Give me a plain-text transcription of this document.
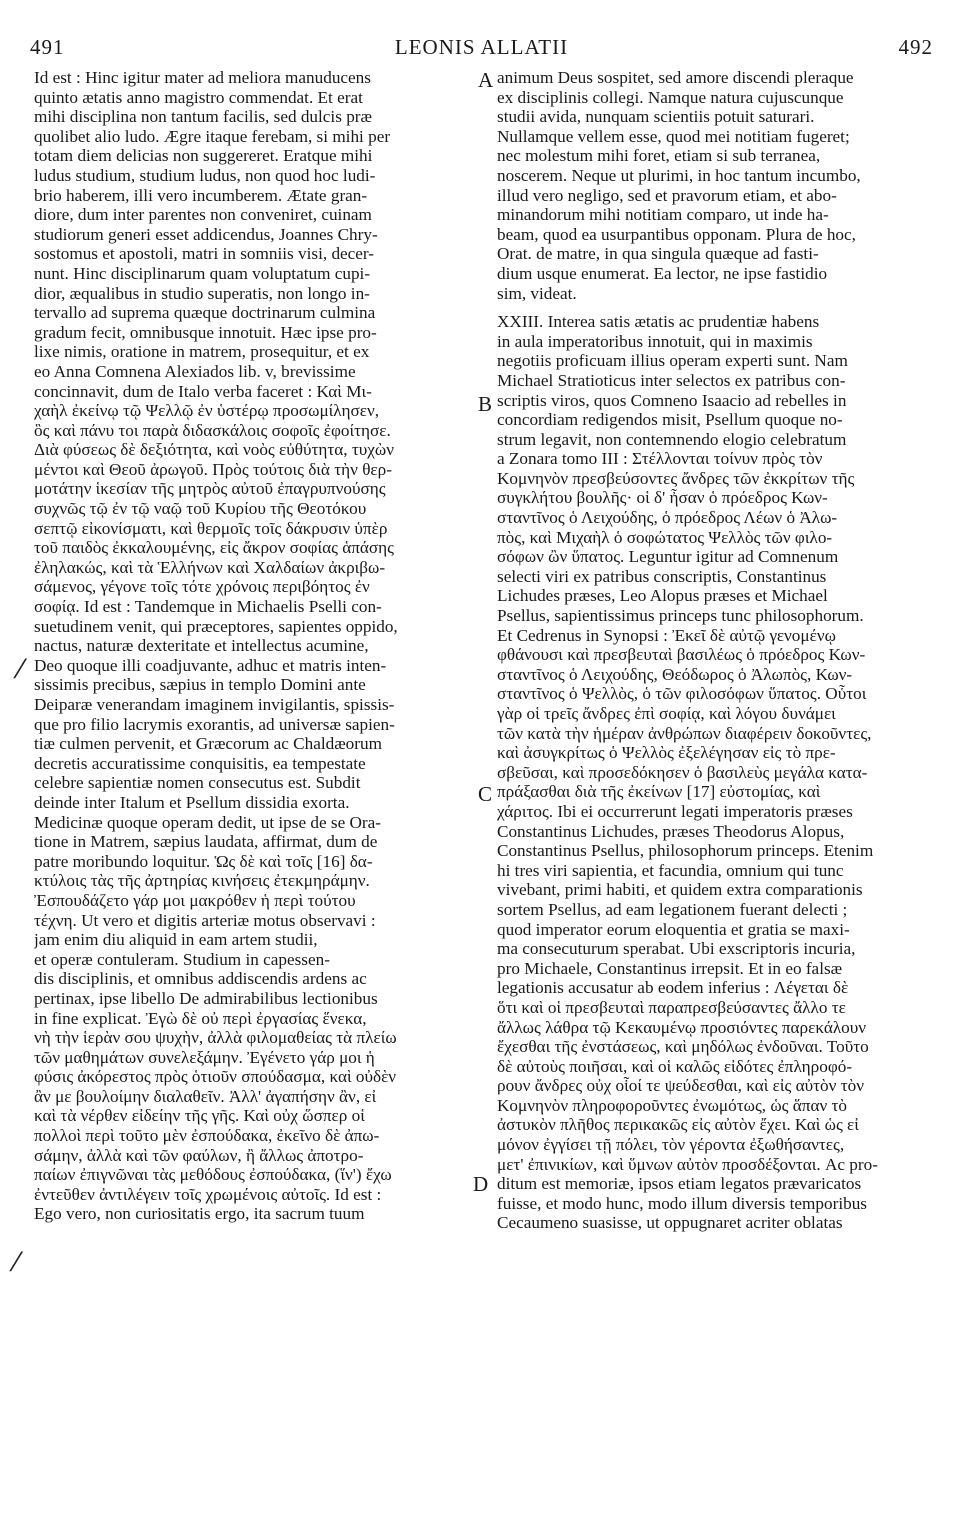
491	LEONIS ALLATII	492
Id est : Hinc igitur mater ad meliora manuducens
quinto ætatis anno magistro commendat. Et erat
mihi disciplina non tantum facilis, sed dulcis præ
quolibet alio ludo. Ægre itaque ferebam, si mihi per
totam diem delicias non suggereret. Eratque mihi
ludus studium, studium ludus, non quod hoc ludi-
brio haberem, illi vero incumberem. Ætate gran-
diore, dum inter parentes non conveniret, cuinam
studiorum generi esset addicendus, Joannes Chry-
sostomus et apostoli, matri in somniis visi, decer-
nunt. Hinc disciplinarum quam voluptatum cupi-
dior, æqualibus in studio superatis, non longo in-
tervallo ad suprema quæque doctrinarum culmina
gradum fecit, omnibusque innotuit. Hæc ipse pro-
lixe nimis, oratione in matrem, prosequitur, et ex
eo Anna Comnena Alexiados lib. v, brevissime
concinnavit, dum de Italo verba faceret : Καὶ Μι-
χαὴλ ἐκείνῳ τῷ Ψελλῷ ἐν ὑστέρῳ προσωμίλησεν,
ὃς καὶ πάνυ τοι παρὰ διδασκάλοις σοφοῖς ἐφοίτησε.
Διὰ φύσεως δὲ δεξιότητα, καὶ νοὸς εὐθύτητα, τυχὼν
μέντοι καὶ Θεοῦ ἀρωγοῦ. Πρὸς τούτοις διὰ τὴν θερ-
μοτάτην ἱκεσίαν τῆς μητρὸς αὐτοῦ ἐπαγρυπνούσης
συχνῶς τῷ ἐν τῷ ναῷ τοῦ Κυρίου τῆς Θεοτόκου
σεπτῷ εἰκονίσματι, καὶ θερμοῖς τοῖς δάκρυσιν ὑπὲρ
τοῦ παιδὸς ἐκκαλουμένης, εἰς ἄκρον σοφίας ἁπάσης
ἐληλακώς, καὶ τὰ Ἑλλήνων καὶ Χαλδαίων ἀκριβω-
σάμενος, γέγονε τοῖς τότε χρόνοις περιβόητος ἐν
σοφίᾳ. Id est : Tandemque in Michaelis Pselli con-
suetudinem venit, qui præceptores, sapientes oppido,
nactus, naturæ dexteritate et intellectus acumine,
Deo quoque illi coadjuvante, adhuc et matris inten-
sissimis precibus, sæpius in templo Domini ante
Deiparæ venerandam imaginem invigilantis, spissis-
que pro filio lacrymis exorantis, ad universæ sapien-
tiæ culmen pervenit, et Græcorum ac Chaldæorum
decretis accuratissime conquisitis, ea tempestate
celebre sapientiæ nomen consecutus est. Subdit
deinde inter Italum et Psellum dissidia exorta.
Medicinæ quoque operam dedit, ut ipse de se Ora-
tione in Matrem, sæpius laudata, affirmat, dum de
patre moribundo loquitur. Ὡς δὲ καὶ τοῖς [16] δα-
κτύλοις τὰς τῆς ἀρτηρίας κινήσεις ἐτεκμηράμην.
Ἐσπουδάζετο γάρ μοι μακρόθεν ἡ περὶ τούτου
τέχνη. Ut vero et digitis arteriæ motus observavi :
jam enim diu aliquid in eam artem studii,
et operæ contuleram. Studium in capessen-
dis disciplinis, et omnibus addiscendis ardens ac
pertinax, ipse libello De admirabilibus lectionibus
in fine explicat. Ἐγὼ δὲ οὐ περὶ ἐργασίας ἕνεκα,
νὴ τὴν ἱερὰν σου ψυχὴν, ἀλλὰ φιλομαθείας τὰ πλείω
τῶν μαθημάτων συνελεξάμην. Ἐγένετο γάρ μοι ἡ
φύσις ἀκόρεστος πρὸς ὁτιοῦν σπούδασμα, καὶ οὐδὲν
ἂν με βουλοίμην διαλαθεῖν. Ἀλλ' ἀγαπήσην ἂν, εἰ
καὶ τὰ νέρθεν εἰδείην τῆς γῆς. Καὶ οὐχ ὥσπερ οἱ
πολλοὶ περὶ τοῦτο μὲν ἐσπούδακα, ἐκεῖνο δὲ ἀπω-
σάμην, ἀλλὰ καὶ τῶν φαύλων, ἢ ἄλλως ἀποτρο-
παίων ἐπιγνῶναι τὰς μεθόδους ἐσπούδακα, (ἵν') ἔχω
ἐντεῦθεν ἀντιλέγειν τοῖς χρωμένοις αὐτοῖς. Id est :
Ego vero, non curiositatis ergo, ita sacrum tuum
animum Deus sospitet, sed amore discendi pleraque
ex disciplinis collegi. Namque natura cujuscunque
studii avida, nunquam scientiis potuit saturari.
Nullamque vellem esse, quod mei notitiam fugeret;
nec molestum mihi foret, etiam si sub terranea,
noscerem. Neque ut plurimi, in hoc tantum incumbo,
illud vero negligo, sed et pravorum etiam, et abo-
minandorum mihi notitiam comparo, ut inde ha-
beam, quod ea usurpantibus opponam. Plura de hoc,
Orat. de matre, in qua singula quæque ad fasti-
dium usque enumerat. Ea lector, ne ipse fastidio
sim, videat.
XXIII. Interea satis ætatis ac prudentiæ habens
in aula imperatoribus innotuit, qui in maximis
negotiis proficuam illius operam experti sunt. Nam
Michael Stratioticus inter selectos ex patribus con-
scriptis viros, quos Comneno Isaacio ad rebelles in
concordiam redigendos misit, Psellum quoque no-
strum legavit, non contemnendo elogio celebratum
a Zonara tomo III : Στέλλονται τοίνυν πρὸς τὸν
Κομνηνὸν πρεσβεύσοντες ἄνδρες τῶν ἐκκρίτων τῆς
συγκλήτου βουλῆς· οἱ δ' ἦσαν ὁ πρόεδρος Κων-
σταντῖνος ὁ Λειχούδης, ὁ πρόεδρος Λέων ὁ Ἀλω-
πὸς, καὶ Μιχαὴλ ὁ σοφώτατος Ψελλὸς τῶν φιλο-
σόφων ὢν ὕπατος. Leguntur igitur ad Comnenum
selecti viri ex patribus conscriptis, Constantinus
Lichudes præses, Leo Alopus præses et Michael
Psellus, sapientissimus princeps tunc philosophorum.
Et Cedrenus in Synopsi : Ἐκεῖ δὲ αὐτῷ γενομένῳ
φθάνουσι καὶ πρεσβευταὶ βασιλέως ὁ πρόεδρος Κων-
σταντῖνος ὁ Λειχούδης, Θεόδωρος ὁ Ἀλωπὸς, Κων-
σταντῖνος ὁ Ψελλὸς, ὁ τῶν φιλοσόφων ὕπατος. Οὗτοι
γὰρ οἱ τρεῖς ἄνδρες ἐπὶ σοφίᾳ, καὶ λόγου δυνάμει
τῶν κατὰ τὴν ἡμέραν ἀνθρώπων διαφέρειν δοκοῦντες,
καὶ ἀσυγκρίτως ὁ Ψελλὸς ἐξελέγησαν εἰς τὸ πρε-
σβεῦσαι, καὶ προσεδόκησεν ὁ βασιλεὺς μεγάλα κατα-
πράξασθαι διὰ τῆς ἐκείνων [17] εὐστομίας, καὶ
χάριτος. Ibi ei occurrerunt legati imperatoris præses
Constantinus Lichudes, præses Theodorus Alopus,
Constantinus Psellus, philosophorum princeps. Etenim
hi tres viri sapientia, et facundia, omnium qui tunc
vivebant, primi habiti, et quidem extra comparationis
sortem Psellus, ad eam legationem fuerant delecti ;
quod imperator eorum eloquentia et gratia se maxi-
ma consecuturum sperabat. Ubi exscriptoris incuria,
pro Michaele, Constantinus irrepsit. Et in eo falsæ
legationis accusatur ab eodem inferius : Λέγεται δὲ
ὅτι καὶ οἱ πρεσβευταὶ παραπρεσβεύσαντες ἄλλο τε
ἄλλως λάθρα τῷ Κεκαυμένῳ προσιόντες παρεκάλουν
ἔχεσθαι τῆς ἐνστάσεως, καὶ μηδόλως ἐνδοῦναι. Τοῦτο
δὲ αὐτοὺς ποιῆσαι, καὶ οἱ καλῶς εἰδότες ἐπληροφό-
ρουν ἄνδρες οὐχ οἷοί τε ψεύδεσθαι, καὶ εἰς αὐτὸν τὸν
Κομνηνὸν πληροφοροῦντες ἐνωμότως, ὡς ἅπαν τὸ
ἀστυκὸν πλῆθος περικακῶς εἰς αὐτὸν ἔχει. Καὶ ὡς εἰ
μόνον ἐγγίσει τῇ πόλει, τὸν γέροντα ἐξωθήσαντες,
μετ' ἐπινικίων, καὶ ὕμνων αὐτὸν προσδέξονται. Ac pro-
ditum est memoriæ, ipsos etiam legatos prævaricatos
fuisse, et modo hunc, modo illum diversis temporibus
Cecaumeno suasisse, ut oppugnaret acriter oblatas
A
B
C
D
⁄
⁄
